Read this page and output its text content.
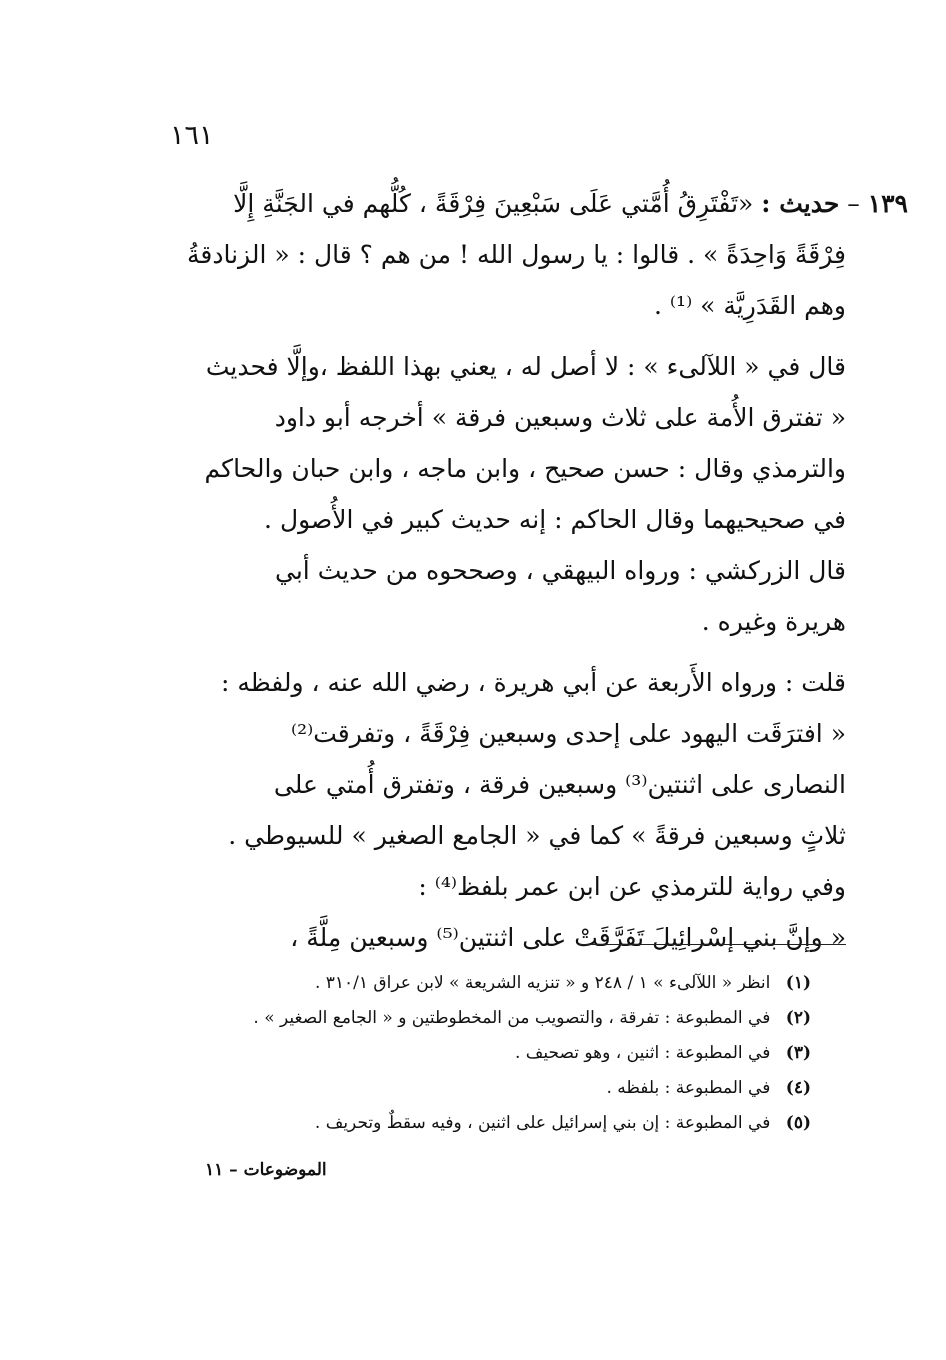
١٦١

١٣٩ – حديث : «تَفْتَرِقُ أُمَّتي عَلَى سَبْعِينَ فِرْقَةً ، كُلُّهم في الجَنَّةِ إِلَّا

فِرْقَةً وَاحِدَةً » . قالوا : يا رسول الله ! من هم ؟ قال : « الزنادقةُ

وهم القَدَرِيَّة » ⁽¹⁾ .

قال في « اللآلىء » : لا أصل له ، يعني بهذا اللفظ ،وإلَّا فحديث

« تفترق الأُمة على ثلاث وسبعين فرقة » أخرجه أبو داود

والترمذي وقال : حسن صحيح ، وابن ماجه ، وابن حبان والحاكم

في صحيحيهما وقال الحاكم : إنه حديث كبير في الأُصول .

قال الزركشي : ورواه البيهقي ، وصححوه من حديث أبي

هريرة وغيره .

قلت : ورواه الأَربعة عن أبي هريرة ، رضي الله عنه ، ولفظه :

« افترَقَت اليهود على إحدى وسبعين فِرْقَةً ، وتفرقت⁽²⁾

النصارى على اثنتين⁽³⁾ وسبعين فرقة ، وتفترق أُمتي على

ثلاثٍ وسبعين فرقةً » كما في « الجامع الصغير » للسيوطي .

وفي رواية للترمذي عن ابن عمر بلفظ⁽⁴⁾ :

« وإنَّ بني إسْرائِيلَ تَفَرَّقَتْ على اثنتين⁽⁵⁾ وسبعين مِلَّةً ،

(١) انظر « اللآلىء » ١ / ٢٤٨ و « تنزيه الشريعة » لابن عراق ٣١٠/١ .

(٢) في المطبوعة : تفرقة ، والتصويب من المخطوطتين و « الجامع الصغير » .

(٣) في المطبوعة : اثنين ، وهو تصحيف .

(٤) في المطبوعة : بلفظه .

(٥) في المطبوعة : إن بني إسرائيل على اثنين ، وفيه سقطٌ وتحريف .

الموضوعات – ١١
